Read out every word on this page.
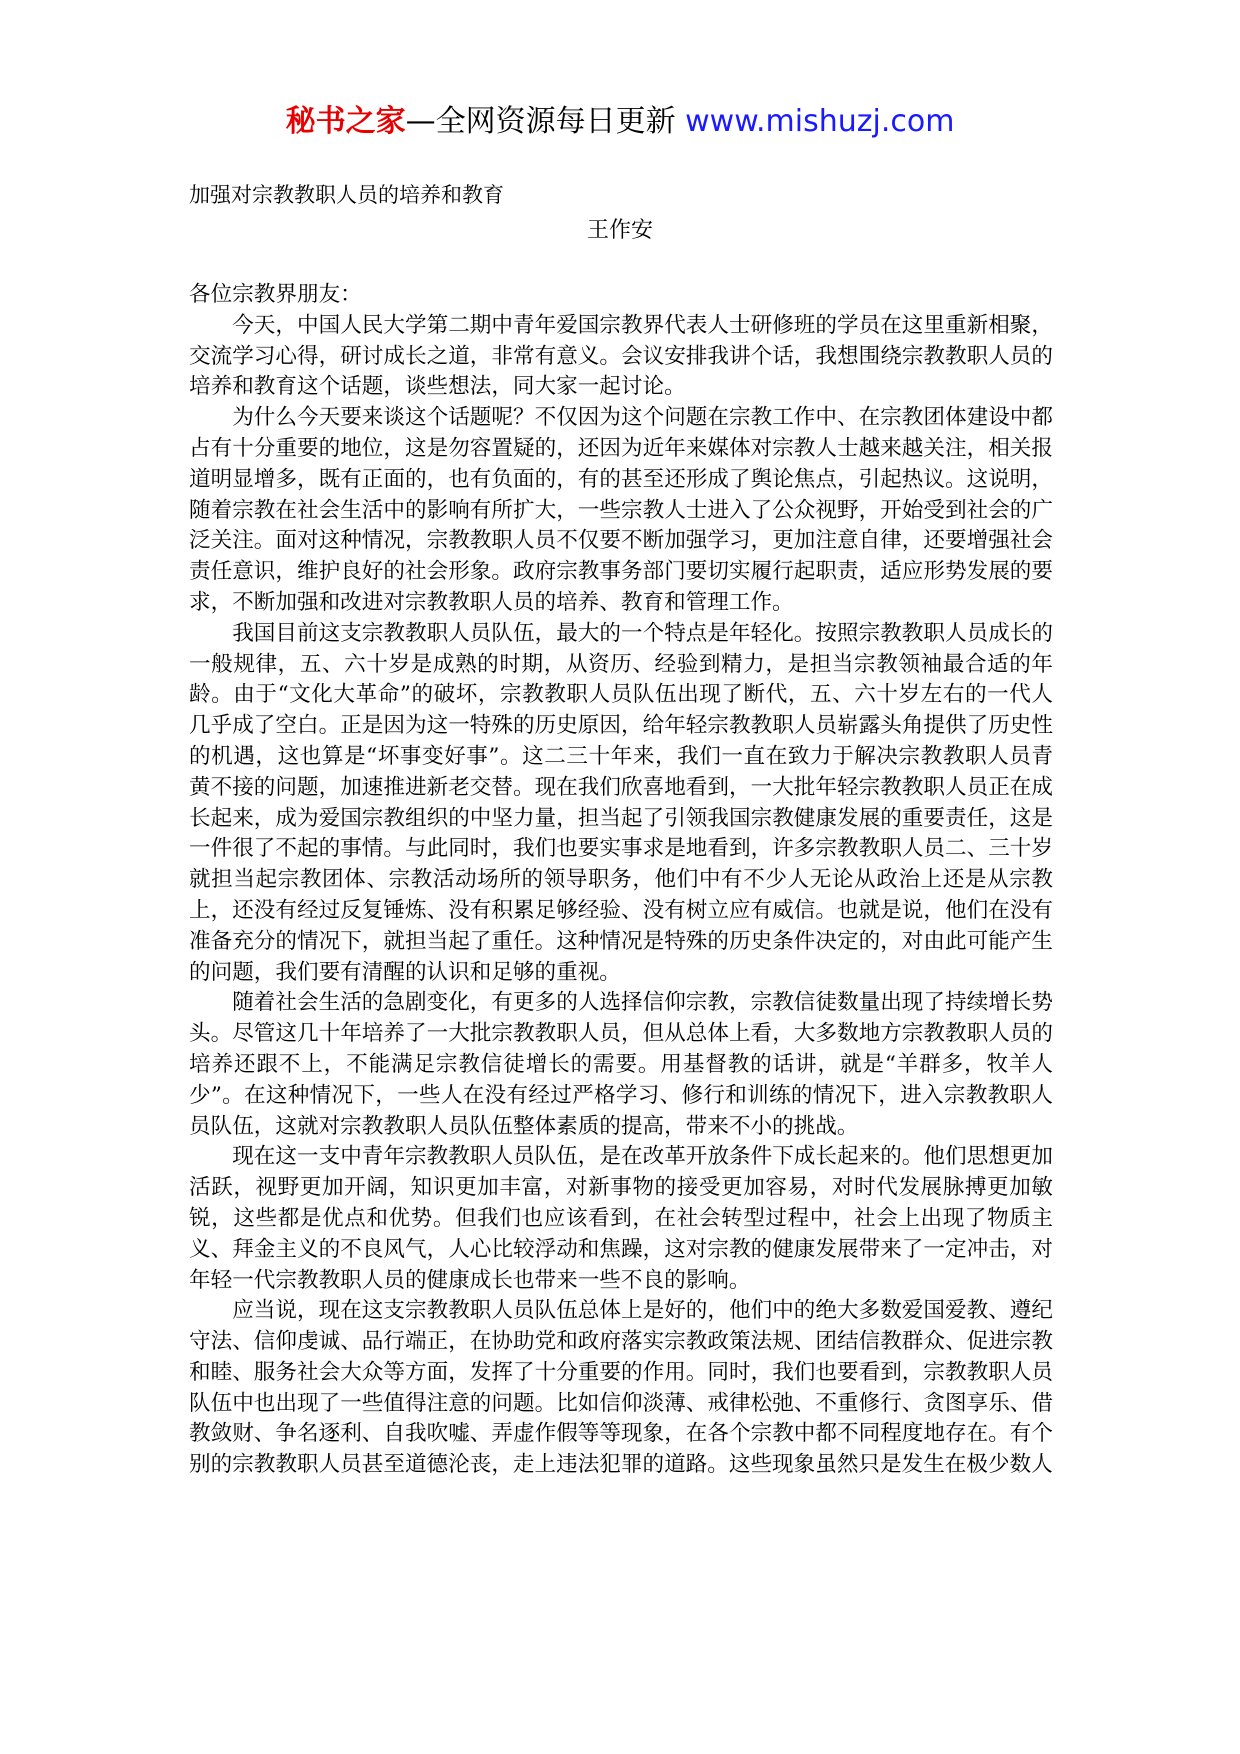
秘书之家—全网资源每日更新 www.mishuzj.com
加强对宗教教职人员的培养和教育
王作安

各位宗教界朋友：

今天，中国人民大学第二期中青年爱国宗教界代表人士研修班的学员在这里重新相聚，交流学习心得，研讨成长之道，非常有意义。会议安排我讲个话，我想围绕宗教教职人员的培养和教育这个话题，谈些想法，同大家一起讨论。

为什么今天要来谈这个话题呢？不仅因为这个问题在宗教工作中、在宗教团体建设中都占有十分重要的地位，这是勿容置疑的，还因为近年来媒体对宗教人士越来越关注，相关报道明显增多，既有正面的，也有负面的，有的甚至还形成了舆论焦点，引起热议。这说明，随着宗教在社会生活中的影响有所扩大，一些宗教人士进入了公众视野，开始受到社会的广泛关注。面对这种情况，宗教教职人员不仅要不断加强学习，更加注意自律，还要增强社会责任意识，维护良好的社会形象。政府宗教事务部门要切实履行起职责，适应形势发展的要求，不断加强和改进对宗教教职人员的培养、教育和管理工作。

我国目前这支宗教教职人员队伍，最大的一个特点是年轻化。按照宗教教职人员成长的一般规律，五、六十岁是成熟的时期，从资历、经验到精力，是担当宗教领袖最合适的年龄。由于“文化大革命”的破坏，宗教教职人员队伍出现了断代，五、六十岁左右的一代人几乎成了空白。正是因为这一特殊的历史原因，给年轻宗教教职人员崭露头角提供了历史性的机遇，这也算是“坏事变好事”。这二三十年来，我们一直在致力于解决宗教教职人员青黄不接的问题，加速推进新老交替。现在我们欣喜地看到，一大批年轻宗教教职人员正在成长起来，成为爱国宗教组织的中坚力量，担当起了引领我国宗教健康发展的重要责任，这是一件很了不起的事情。与此同时，我们也要实事求是地看到，许多宗教教职人员二、三十岁就担当起宗教团体、宗教活动场所的领导职务，他们中有不少人无论从政治上还是从宗教上，还没有经过反复锤炼、没有积累足够经验、没有树立应有威信。也就是说，他们在没有准备充分的情况下，就担当起了重任。这种情况是特殊的历史条件决定的，对由此可能产生的问题，我们要有清醒的认识和足够的重视。

随着社会生活的急剧变化，有更多的人选择信仰宗教，宗教信徒数量出现了持续增长势头。尽管这几十年培养了一大批宗教教职人员，但从总体上看，大多数地方宗教教职人员的培养还跟不上，不能满足宗教信徒增长的需要。用基督教的话讲，就是“羊群多，牧羊人少”。在这种情况下，一些人在没有经过严格学习、修行和训练的情况下，进入宗教教职人员队伍，这就对宗教教职人员队伍整体素质的提高，带来不小的挑战。

现在这一支中青年宗教教职人员队伍，是在改革开放条件下成长起来的。他们思想更加活跃，视野更加开阔，知识更加丰富，对新事物的接受更加容易，对时代发展脉搏更加敏锐，这些都是优点和优势。但我们也应该看到，在社会转型过程中，社会上出现了物质主义、拜金主义的不良风气，人心比较浮动和焦躁，这对宗教的健康发展带来了一定冲击，对年轻一代宗教教职人员的健康成长也带来一些不良的影响。

应当说，现在这支宗教教职人员队伍总体上是好的，他们中的绝大多数爱国爱教、遵纪守法、信仰虔诚、品行端正，在协助党和政府落实宗教政策法规、团结信教群众、促进宗教和睦、服务社会大众等方面，发挥了十分重要的作用。同时，我们也要看到，宗教教职人员队伍中也出现了一些值得注意的问题。比如信仰淡薄、戒律松弛、不重修行、贪图享乐、借教敛财、争名逐利、自我吹嘘、弄虚作假等等现象，在各个宗教中都不同程度地存在。有个别的宗教教职人员甚至道德沦丧，走上违法犯罪的道路。这些现象虽然只是发生在极少数人
